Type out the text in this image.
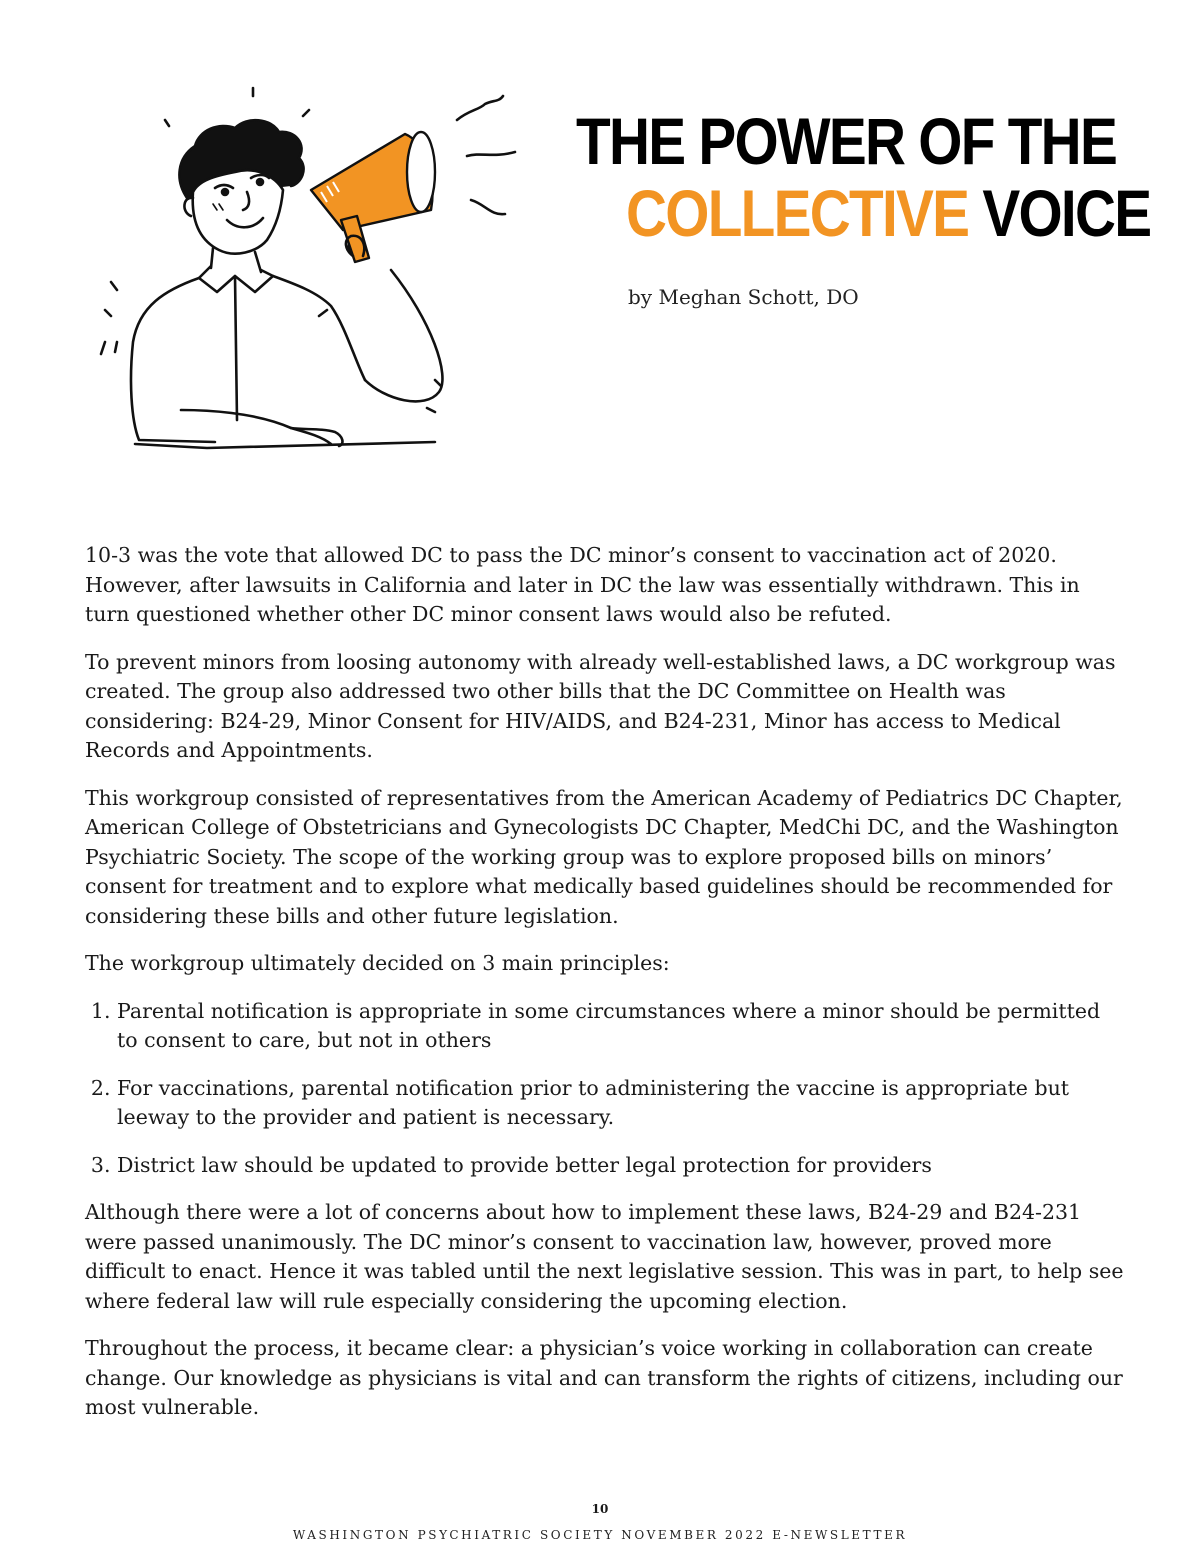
THE POWER OF THE
COLLECTIVE VOICE
by Meghan Schott, DO

10-3 was the vote that allowed DC to pass the DC minor’s consent to vaccination act of 2020. However, after lawsuits in California and later in DC the law was essentially withdrawn. This in turn questioned whether other DC minor consent laws would also be refuted.

To prevent minors from loosing autonomy with already well-established laws, a DC workgroup was created. The group also addressed two other bills that the DC Committee on Health was considering: B24-29, Minor Consent for HIV/AIDS, and B24-231, Minor has access to Medical Records and Appointments.

This workgroup consisted of representatives from the American Academy of Pediatrics DC Chapter, American College of Obstetricians and Gynecologists DC Chapter, MedChi DC, and the Washington Psychiatric Society. The scope of the working group was to explore proposed bills on minors’ consent for treatment and to explore what medically based guidelines should be recommended for considering these bills and other future legislation.

The workgroup ultimately decided on 3 main principles:

1. Parental notification is appropriate in some circumstances where a minor should be permitted to consent to care, but not in others
2. For vaccinations, parental notification prior to administering the vaccine is appropriate but leeway to the provider and patient is necessary.
3. District law should be updated to provide better legal protection for providers

Although there were a lot of concerns about how to implement these laws, B24-29 and B24-231 were passed unanimously. The DC minor’s consent to vaccination law, however, proved more difficult to enact. Hence it was tabled until the next legislative session. This was in part, to help see where federal law will rule especially considering the upcoming election.

Throughout the process, it became clear: a physician’s voice working in collaboration can create change. Our knowledge as physicians is vital and can transform the rights of citizens, including our most vulnerable.

10
WASHINGTON PSYCHIATRIC SOCIETY NOVEMBER 2022 E-NEWSLETTER
